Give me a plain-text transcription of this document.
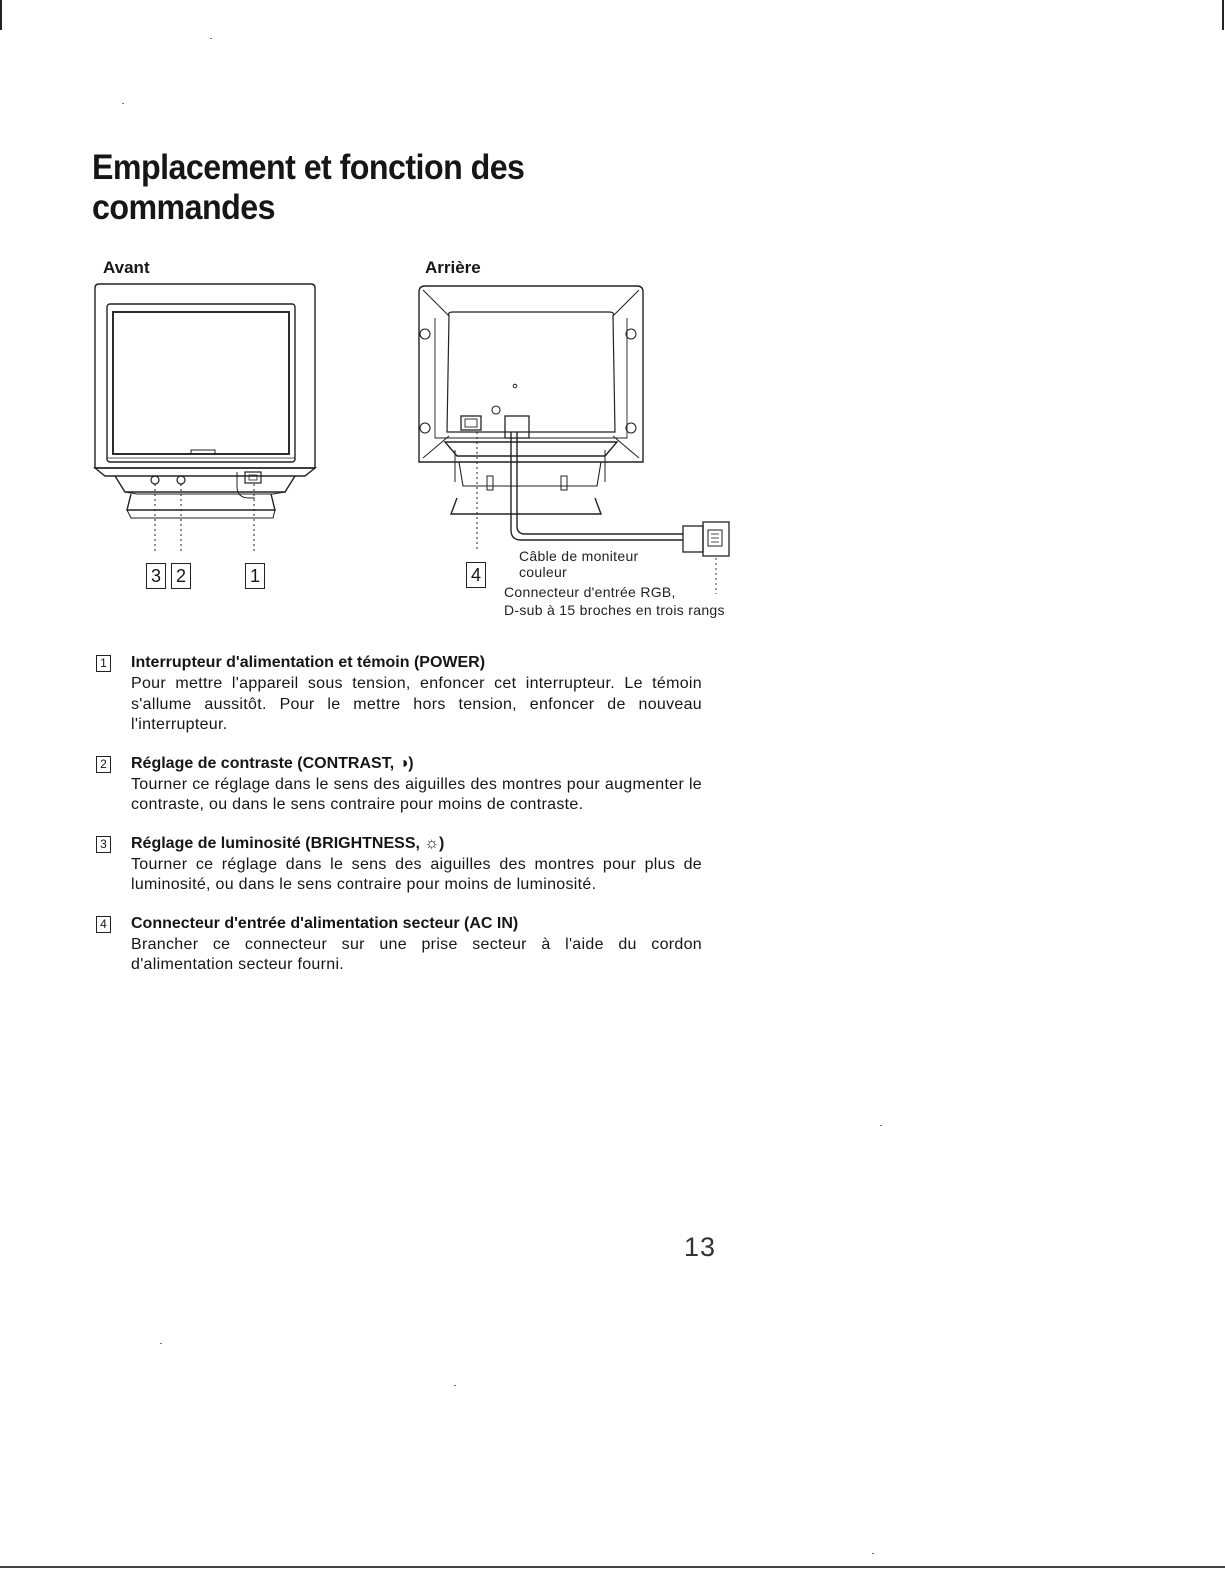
Emplacement et fonction des
commandes
Avant	Arrière
3 2	1	4
Câble de moniteur
couleur
Connecteur d'entrée RGB,
D-sub à 15 broches en trois rangs
1 Interrupteur d'alimentation et témoin (POWER)
Pour mettre l'appareil sous tension, enfoncer cet interrupteur. Le témoin s'allume aussitôt. Pour le mettre hors tension, enfoncer de nouveau l'interrupteur.
2 Réglage de contraste (CONTRAST, ◑)
Tourner ce réglage dans le sens des aiguilles des montres pour augmenter le contraste, ou dans le sens contraire pour moins de contraste.
3 Réglage de luminosité (BRIGHTNESS, ☼)
Tourner ce réglage dans le sens des aiguilles des montres pour plus de luminosité, ou dans le sens contraire pour moins de luminosité.
4 Connecteur d'entrée d'alimentation secteur (AC IN)
Brancher ce connecteur sur une prise secteur à l'aide du cordon d'alimentation secteur fourni.
13
